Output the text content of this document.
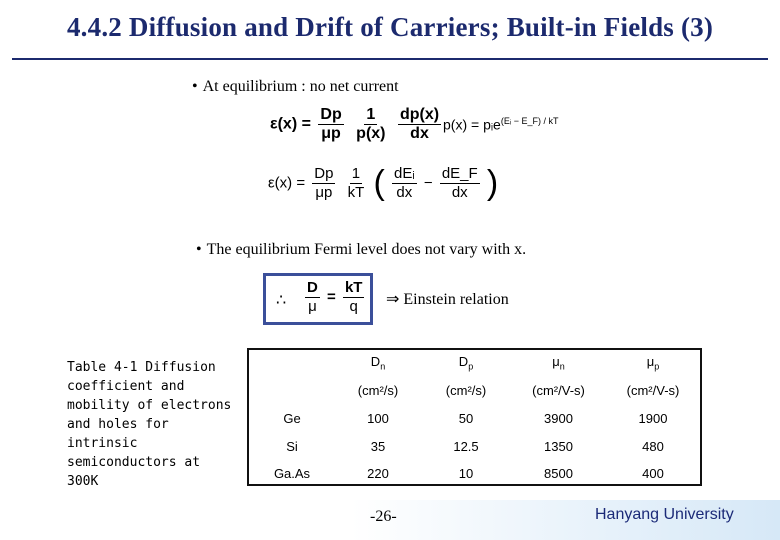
4.4.2 Diffusion and Drift of Carriers; Built-in Fields (3)
• At equilibrium : no net current
$\varepsilon(x) = \frac{Dp}{\mu p}$
$\frac{1}{p(x)}$
$\frac{dp(x)}{dx} p(x)$ = pᵢe$^{(Eᵢ - E\_F) / kT}$
$\varepsilon(x) = \frac{Dp}{\mu p}$
$\frac{1}{kT}$ ( $\frac{\text{dEᵢ}}{dx} - \frac{dE\_F}{dx}$ )
• The equilibrium Fermi level does not vary with x.
∴ $\frac{D}{\mu} = \frac{kT}{q}$ ⇒ Einstein relation
Table 4-1 Diffusion coefficient and mobility of electrons and holes for intrinsic semiconductors at 300K
	$D_n$	$D_p$	$\mu_n$	$\mu_p$
	(cm²/s)	(cm²/s)	(cm²/V-s)	(cm²/V-s)
Ge	100	50	3900	1900
Si	35	12.5	1350	480
Ga.As	220	10	8500	400
-26-	Hanyang University
